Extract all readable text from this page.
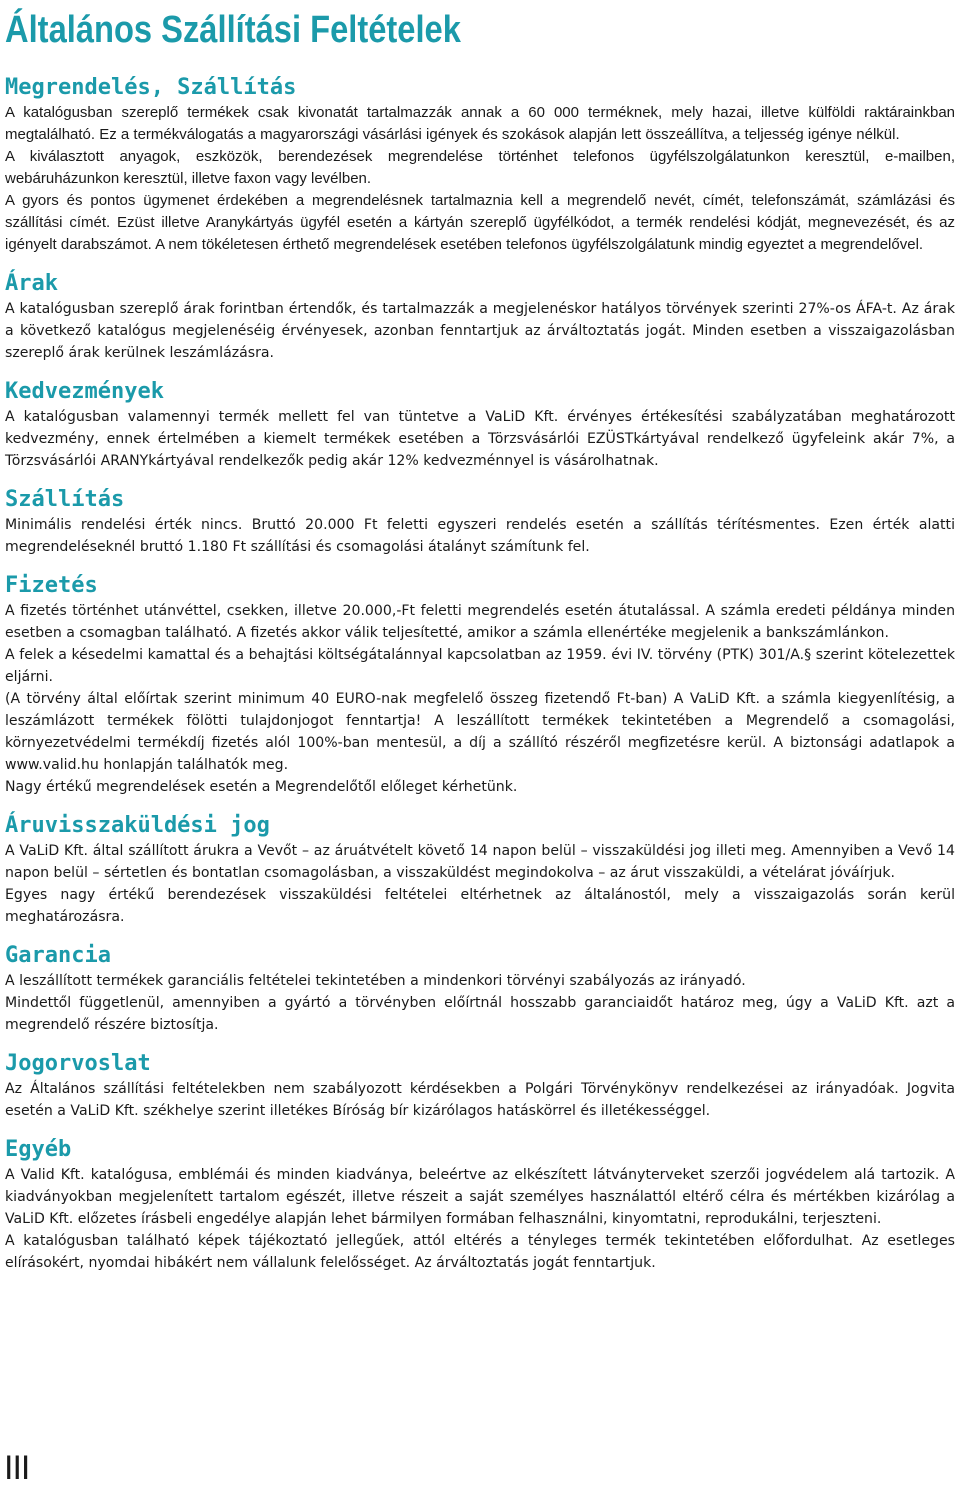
Általános Szállítási Feltételek
Megrendelés, Szállítás

A katalógusban szereplő termékek csak kivonatát tartalmazzák annak a 60 000 terméknek, mely hazai, illetve külföldi raktárainkban megtalálható. Ez a termékválogatás a magyarországi vásárlási igények és szokások alapján lett összeállítva, a teljesség igénye nélkül.

A kiválasztott anyagok, eszközök, berendezések megrendelése történhet telefonos ügyfélszolgálatunkon keresztül, e-mailben, webáruházunkon keresztül, illetve faxon vagy levélben.

A gyors és pontos ügymenet érdekében a megrendelésnek tartalmaznia kell a megrendelő nevét, címét, telefonszámát, számlázási és szállítási címét. Ezüst illetve Aranykártyás ügyfél esetén a kártyán szereplő ügyfélkódot, a termék rendelési kódját, megnevezését, és az igényelt darabszámot. A nem tökéletesen érthető megrendelések esetében telefonos ügyfélszolgálatunk mindig egyeztet a megrendelővel.

Árak

A katalógusban szereplő árak forintban értendők, és tartalmazzák a megjelenéskor hatályos törvények szerinti 27%-os ÁFA-t. Az árak a következő katalógus megjelenéséig érvényesek, azonban fenntartjuk az árváltoztatás jogát. Minden esetben a visszaigazolásban szereplő árak kerülnek leszámlázásra.

Kedvezmények

A katalógusban valamennyi termék mellett fel van tüntetve a VaLiD Kft. érvényes értékesítési szabályzatában meghatározott kedvezmény, ennek értelmében a kiemelt termékek esetében a Törzsvásárlói EZÜSTkártyával rendelkező ügyfeleink akár 7%, a Törzsvásárlói ARANYkártyával rendelkezők pedig akár 12% kedvezménnyel is vásárolhatnak.

Szállítás

Minimális rendelési érték nincs. Bruttó 20.000 Ft feletti egyszeri rendelés esetén a szállítás térítésmentes. Ezen érték alatti megrendeléseknél bruttó 1.180 Ft szállítási és csomagolási átalányt számítunk fel.

Fizetés

A fizetés történhet utánvéttel, csekken, illetve 20.000,-Ft feletti megrendelés esetén átutalással. A számla eredeti példánya minden esetben a csomagban található. A fizetés akkor válik teljesítetté, amikor a számla ellenértéke megjelenik a bankszámlánkon.

A felek a késedelmi kamattal és a behajtási költségátalánnyal kapcsolatban az 1959. évi IV. törvény (PTK) 301/A.§ szerint kötelezettek eljárni.

(A törvény által előírtak szerint minimum 40 EURO-nak megfelelő összeg fizetendő Ft-ban) A VaLiD Kft. a számla kiegyenlítésig, a leszámlázott termékek fölötti tulajdonjogot fenntartja! A leszállított termékek tekintetében a Megrendelő a csomagolási, környezetvédelmi termékdíj fizetés alól 100%-ban mentesül, a díj a szállító részéről megfizetésre kerül. A biztonsági adatlapok a www.valid.hu honlapján találhatók meg.

Nagy értékű megrendelések esetén a Megrendelőtől előleget kérhetünk.

Áruvisszaküldési jog

A VaLiD Kft. által szállított árukra a Vevőt – az áruátvételt követő 14 napon belül – visszaküldési jog illeti meg. Amennyiben a Vevő 14 napon belül – sértetlen és bontatlan csomagolásban, a visszaküldést megindokolva – az árut visszaküldi, a vételárat jóváírjuk.

Egyes nagy értékű berendezések visszaküldési feltételei eltérhetnek az általánostól, mely a visszaigazolás során kerül meghatározásra.

Garancia

A leszállított termékek garanciális feltételei tekintetében a mindenkori törvényi szabályozás az irányadó.

Mindettől függetlenül, amennyiben a gyártó a törvényben előírtnál hosszabb garanciaidőt határoz meg, úgy a VaLiD Kft. azt a megrendelő részére biztosítja.

Jogorvoslat

Az Általános szállítási feltételekben nem szabályozott kérdésekben a Polgári Törvénykönyv rendelkezései az irányadóak. Jogvita esetén a VaLiD Kft. székhelye szerint illetékes Bíróság bír kizárólagos hatáskörrel és illetékességgel.

Egyéb

A Valid Kft. katalógusa, emblémái és minden kiadványa, beleértve az elkészített látványterveket szerzői jogvédelem alá tartozik. A kiadványokban megjelenített tartalom egészét, illetve részeit a saját személyes használattól eltérő célra és mértékben kizárólag a VaLiD Kft. előzetes írásbeli engedélye alapján lehet bármilyen formában felhasználni, kinyomtatni, reprodukálni, terjeszteni.

A katalógusban található képek tájékoztató jellegűek, attól eltérés a tényleges termék tekintetében előfordulhat. Az esetleges elírásokért, nyomdai hibákért nem vállalunk felelősséget. Az árváltoztatás jogát fenntartjuk.

III
